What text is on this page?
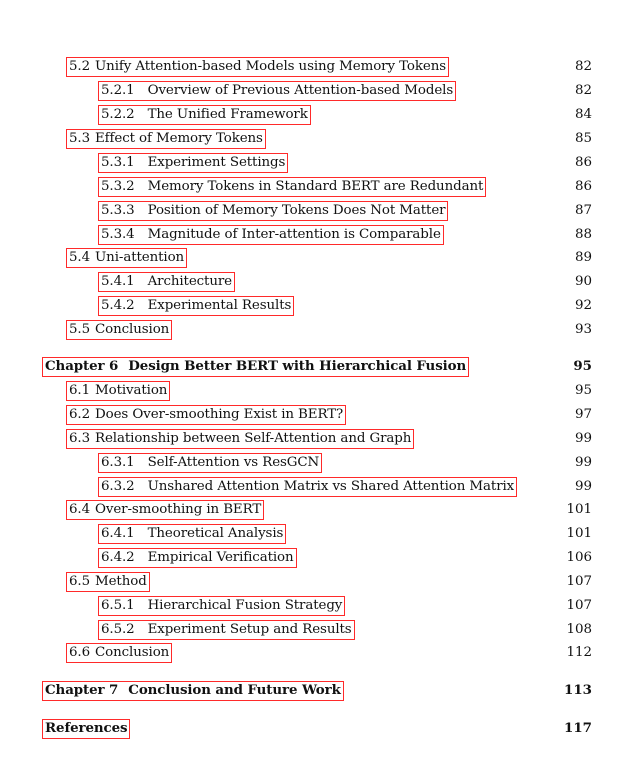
5.2 Unify Attention-based Models using Memory Tokens	82
5.2.1 Overview of Previous Attention-based Models	82
5.2.2 The Unified Framework	84
5.3 Effect of Memory Tokens	85
5.3.1 Experiment Settings	86
5.3.2 Memory Tokens in Standard BERT are Redundant	86
5.3.3 Position of Memory Tokens Does Not Matter	87
5.3.4 Magnitude of Inter-attention is Comparable	88
5.4 Uni-attention	89
5.4.1 Architecture	90
5.4.2 Experimental Results	92
5.5 Conclusion	93
Chapter 6 Design Better BERT with Hierarchical Fusion	95
6.1 Motivation	95
6.2 Does Over-smoothing Exist in BERT?	97
6.3 Relationship between Self-Attention and Graph	99
6.3.1 Self-Attention vs ResGCN	99
6.3.2 Unshared Attention Matrix vs Shared Attention Matrix	99
6.4 Over-smoothing in BERT	101
6.4.1 Theoretical Analysis	101
6.4.2 Empirical Verification	106
6.5 Method	107
6.5.1 Hierarchical Fusion Strategy	107
6.5.2 Experiment Setup and Results	108
6.6 Conclusion	112
Chapter 7 Conclusion and Future Work	113
References	117
